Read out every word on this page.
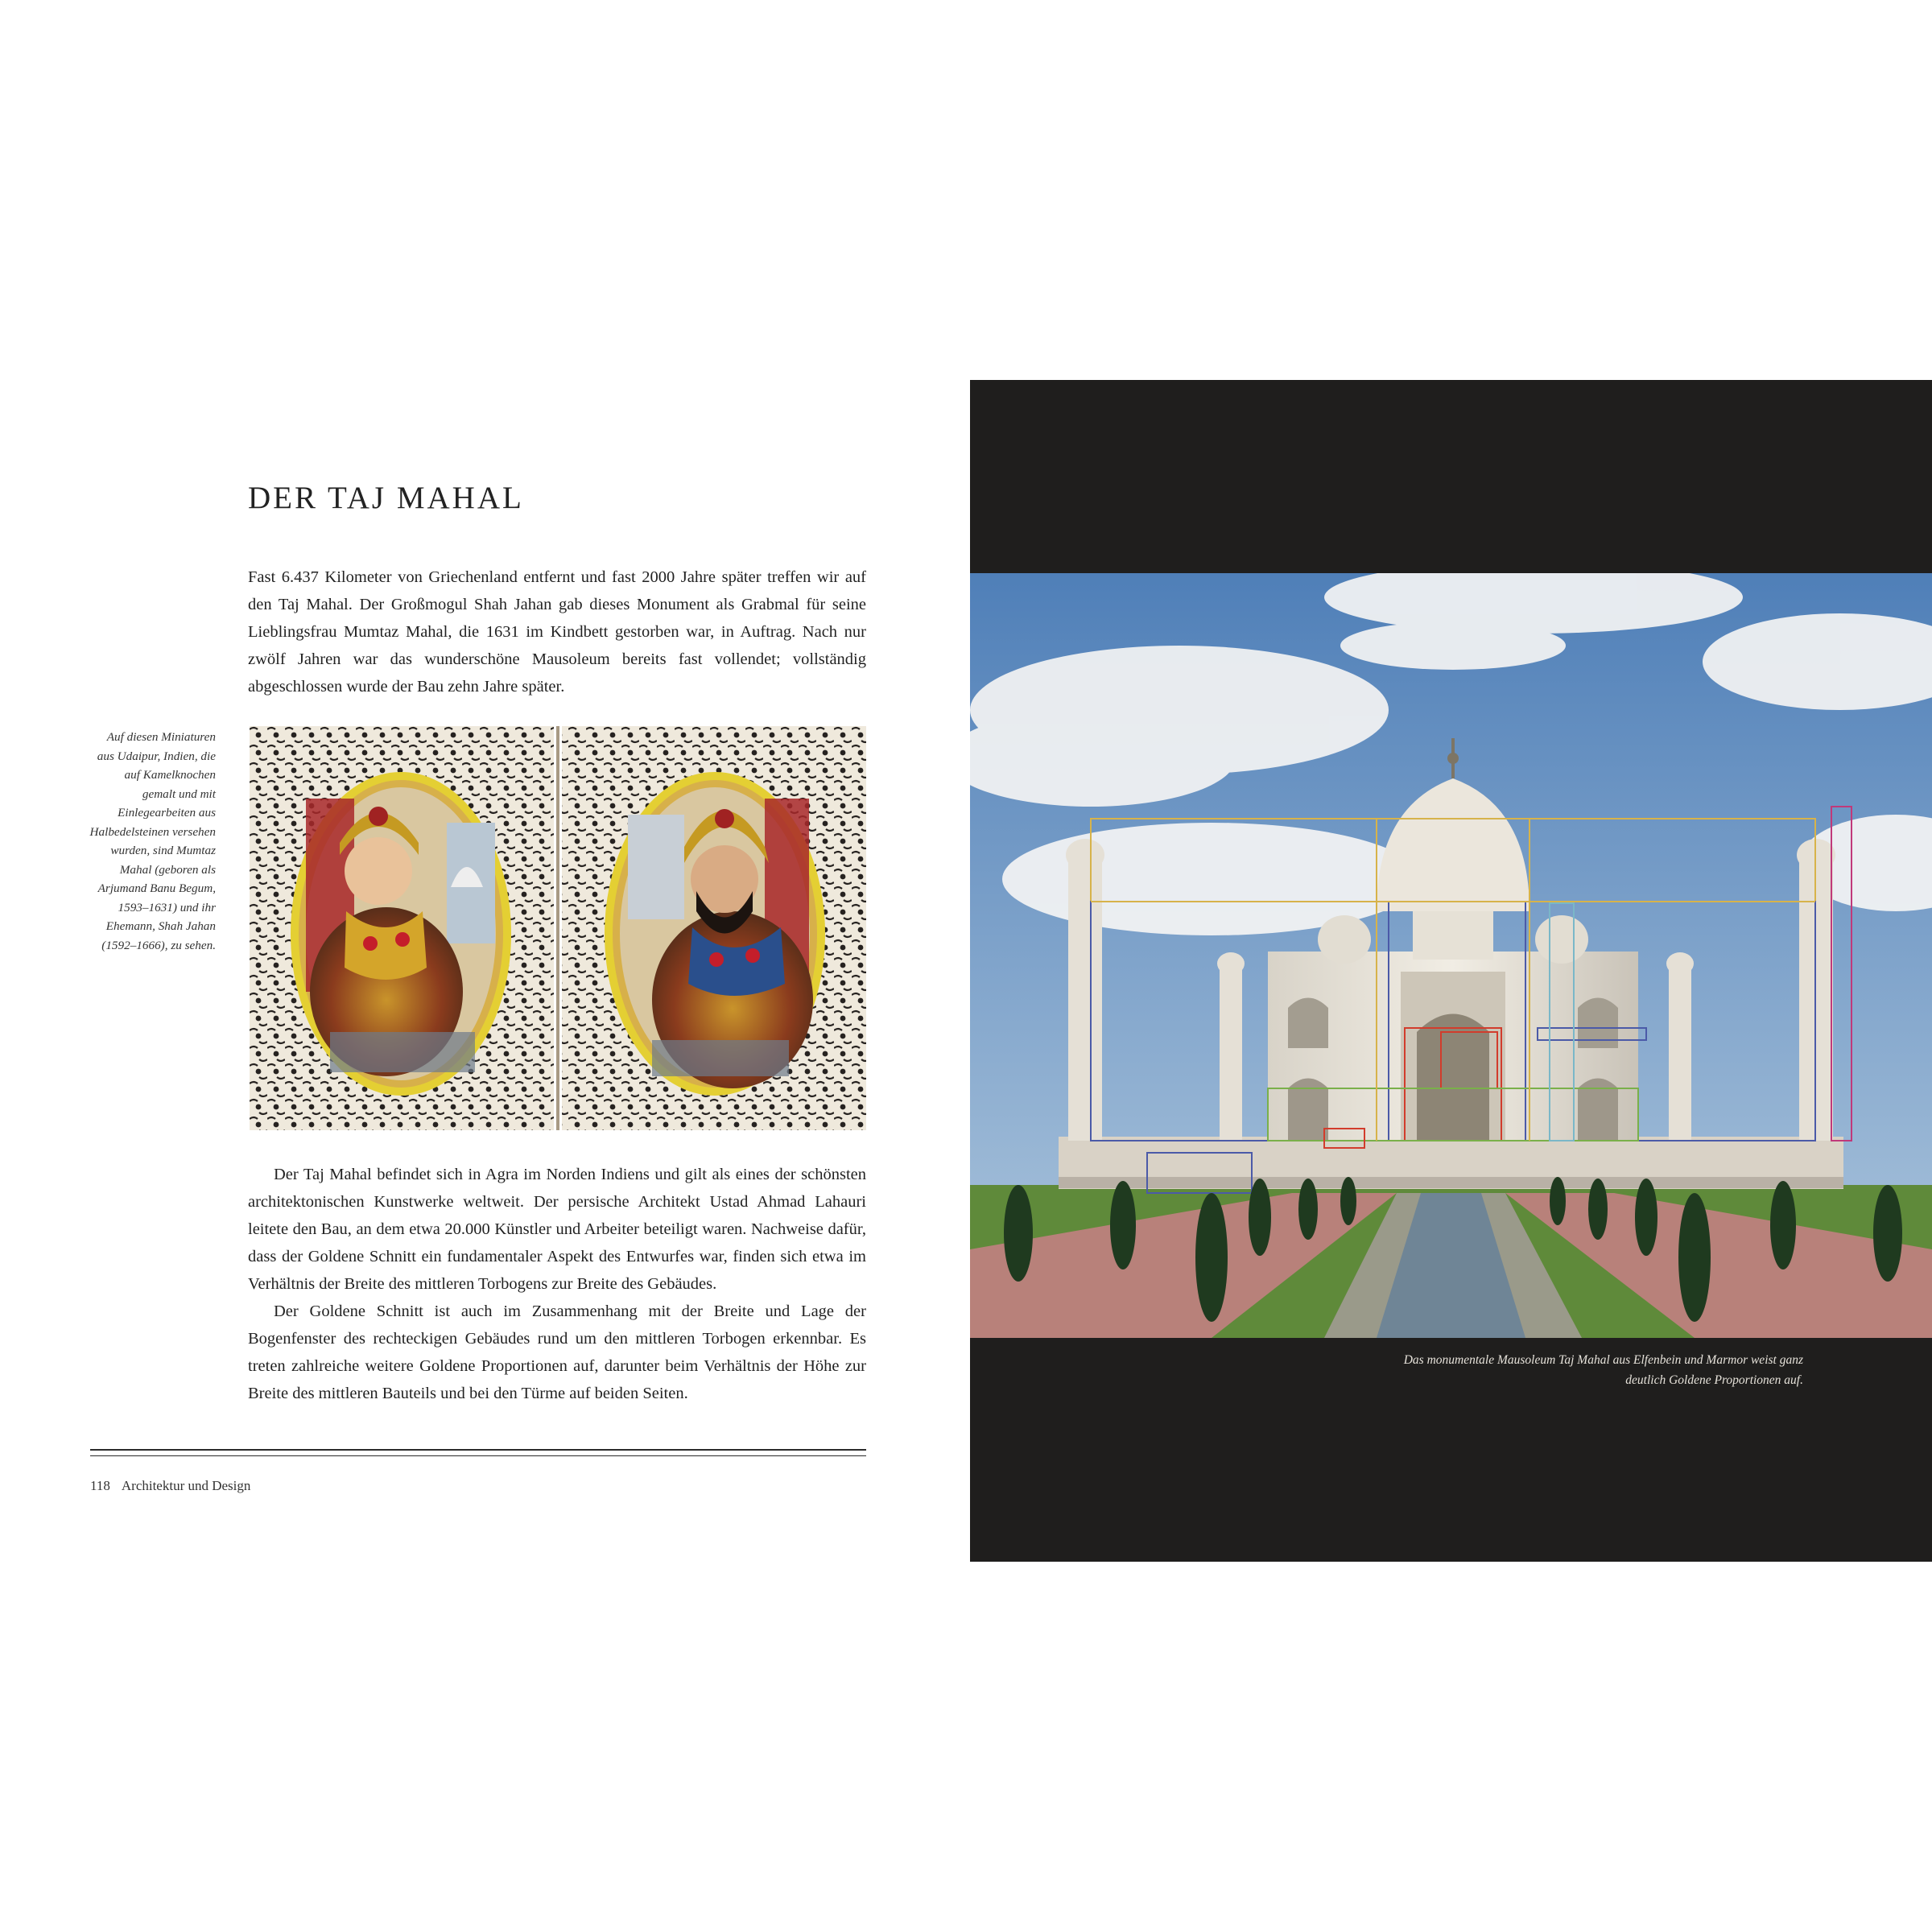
DER TAJ MAHAL

Fast 6.437 Kilometer von Griechenland entfernt und fast 2000 Jahre später treffen wir auf den Taj Mahal. Der Großmogul Shah Jahan gab dieses Monument als Grabmal für seine Lieblingsfrau Mumtaz Mahal, die 1631 im Kindbett gestorben war, in Auftrag. Nach nur zwölf Jahren war das wunderschöne Mausoleum bereits fast vollendet; vollständig abgeschlossen wurde der Bau zehn Jahre später.

Auf diesen Miniaturen aus Udaipur, Indien, die auf Kamelknochen gemalt und mit Einlegearbeiten aus Halbedelsteinen versehen wurden, sind Mumtaz Mahal (geboren als Arjumand Banu Begum, 1593–1631) und ihr Ehemann, Shah Jahan (1592–1666), zu sehen.

Der Taj Mahal befindet sich in Agra im Norden Indiens und gilt als eines der schönsten architektonischen Kunstwerke weltweit. Der persische Architekt Ustad Ahmad Lahauri leitete den Bau, an dem etwa 20.000 Künstler und Arbeiter beteiligt waren. Nachweise dafür, dass der Goldene Schnitt ein fundamentaler Aspekt des Entwurfes war, finden sich etwa im Verhältnis der Breite des mittleren Torbogens zur Breite des Gebäudes.

Der Goldene Schnitt ist auch im Zusammenhang mit der Breite und Lage der Bogenfenster des rechteckigen Gebäudes rund um den mittleren Torbogen erkennbar. Es treten zahlreiche weitere Goldene Proportionen auf, darunter beim Verhältnis der Höhe zur Breite des mittleren Bauteils und bei den Türme auf beiden Seiten.

118 Architektur und Design

Das monumentale Mausoleum Taj Mahal aus Elfenbein und Marmor weist ganz deutlich Goldene Proportionen auf.
